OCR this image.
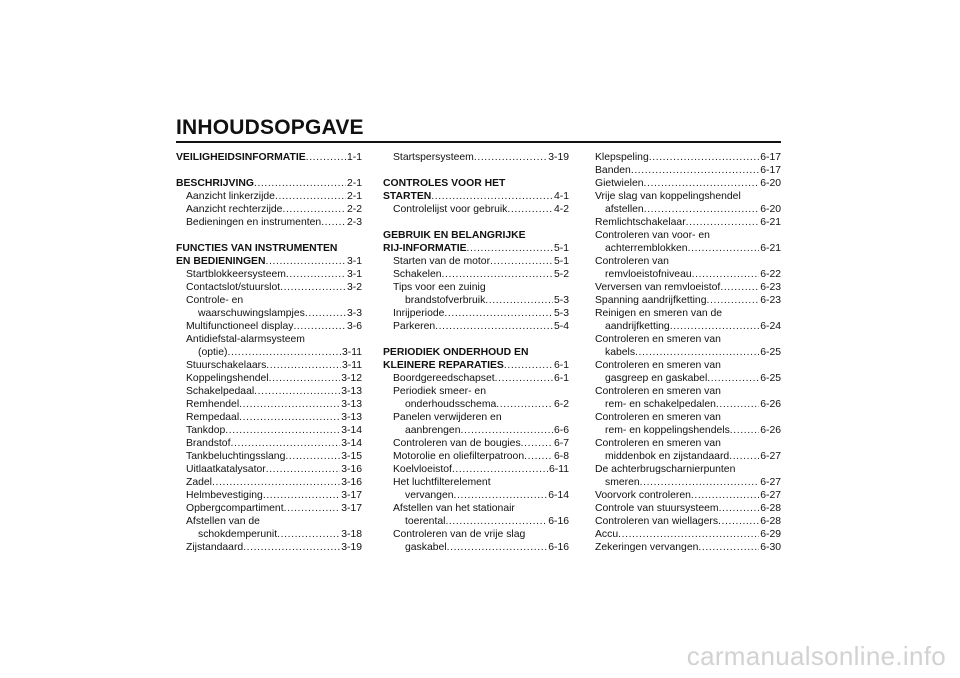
INHOUDSOPGAVE
VEILIGHEIDSINFORMATIE .....	1-1
BESCHRIJVING .....	2-1
Aanzicht linkerzijde .....	2-1
Aanzicht rechterzijde .....	2-2
Bedieningen en instrumenten ..... 2-3
FUNCTIES VAN INSTRUMENTEN
EN BEDIENINGEN .....	3-1
Startblokkeersysteem .....	3-1
Contactslot/stuurslot .....	3-2
Controle- en
waarschuwingslampjes .....	3-3
Multifunctioneel display .....	3-6
Antidiefstal-alarmsysteem
(optie) .....	3-11
Stuurschakelaars .....	3-11
Koppelingshendel .....	3-12
Schakelpedaal .....	3-13
Remhendel .....	3-13
Rempedaal .....	3-13
Tankdop .....	3-14
Brandstof .....	3-14
Tankbeluchtingsslang .....	3-15
Uitlaatkatalysator .....	3-16
Zadel .....	3-16
Helmbevestiging .....	3-17
Opbergcompartiment .....	3-17
Afstellen van de
schokdemperunit .....	3-18
Zijstandaard .....	3-19
Startspersysteem .....	3-19
CONTROLES VOOR HET
STARTEN .....	4-1
Controlelijst voor gebruik .....	4-2
GEBRUIK EN BELANGRIJKE
RIJ-INFORMATIE .....	5-1
Starten van de motor .....	5-1
Schakelen .....	5-2
Tips voor een zuinig
brandstofverbruik .....	5-3
Inrijperiode .....	5-3
Parkeren .....	5-4
PERIODIEK ONDERHOUD EN
KLEINERE REPARATIES .....	6-1
Boordgereedschapset .....	6-1
Periodiek smeer- en
onderhoudsschema .....	6-2
Panelen verwijderen en
aanbrengen .....	6-6
Controleren van de bougies .....	6-7
Motorolie en oliefilterpatroon .....	6-8
Koelvloeistof .....	6-11
Het luchtfilterelement
vervangen .....	6-14
Afstellen van het stationair
toerental .....	6-16
Controleren van de vrije slag
gaskabel .....	6-16
Klepspeling .....	6-17
Banden .....	6-17
Gietwielen .....	6-20
Vrije slag van koppelingshendel
afstellen .....	6-20
Remlichtschakelaar .....	6-21
Controleren van voor- en
achterremblokken .....	6-21
Controleren van
remvloeistofniveau .....	6-22
Verversen van remvloeistof .....	6-23
Spanning aandrijfketting .....	6-23
Reinigen en smeren van de
aandrijfketting .....	6-24
Controleren en smeren van
kabels .....	6-25
Controleren en smeren van
gasgreep en gaskabel .....	6-25
Controleren en smeren van
rem- en schakelpedalen .....	6-26
Controleren en smeren van
rem- en koppelingshendels .....	6-26
Controleren en smeren van
middenbok en zijstandaard .....	6-27
De achterbrugscharnierpunten
smeren .....	6-27
Voorvork controleren .....	6-27
Controle van stuursysteem .....	6-28
Controleren van wiellagers .....	6-28
Accu .....	6-29
Zekeringen vervangen .....	6-30
carmanualsonline.info
